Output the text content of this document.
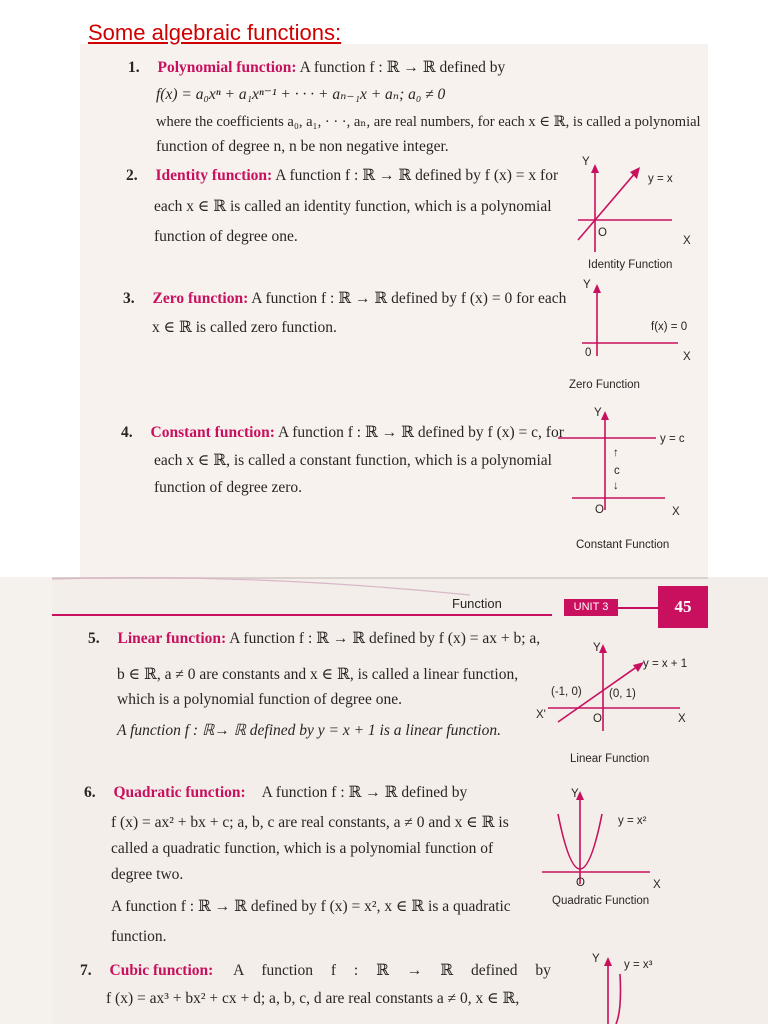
Some algebraic functions:
1. Polynomial function: A function f : ℝ → ℝ defined by
f(x) = a₀xⁿ + a₁xⁿ⁻¹ + · · · + aₙ₋₁x + aₙ; a₀ ≠ 0
where the coefficients a₀, a₁, · · ·, aₙ, are real numbers, for each x ∈ ℝ, is called a polynomial
function of degree n, n be non negative integer.
2. Identity function: A function f : ℝ → ℝ defined by f (x) = x for
each x ∈ ℝ is called an identity function, which is a polynomial
function of degree one.
Y
y = x
O
X
Identity Function
3. Zero function: A function f : ℝ → ℝ defined by f (x) = 0 for each
x ∈ ℝ is called zero function.
Y
f(x) = 0
0	X
Zero Function
4. Constant function: A function f : ℝ → ℝ defined by f (x) = c, for
each x ∈ ℝ, is called a constant function, which is a polynomial
function of degree zero.
Y
y = c
↑
c
↓
O	X
Constant Function
Function	UNIT 3	45
5. Linear function: A function f : ℝ → ℝ defined by f (x) = ax + b; a,
b ∈ ℝ, a ≠ 0 are constants and x ∈ ℝ, is called a linear function,
which is a polynomial function of degree one.
A function f : ℝ→ ℝ defined by y = x + 1 is a linear function.
Y
y = x + 1
(-1, 0) (0, 1)
X'	O	X
Linear Function
6. Quadratic function: A function f : ℝ → ℝ defined by
f (x) = ax² + bx + c; a, b, c are real constants, a ≠ 0 and x ∈ ℝ is
called a quadratic function, which is a polynomial function of
degree two.
A function f : ℝ → ℝ defined by f (x) = x², x ∈ ℝ is a quadratic
function.
Y
y = x²
O	X
Quadratic Function
7. Cubic function: A function f : ℝ → ℝ defined by
f (x) = ax³ + bx² + cx + d; a, b, c, d are real constants a ≠ 0, x ∈ ℝ,
Y y = x³
